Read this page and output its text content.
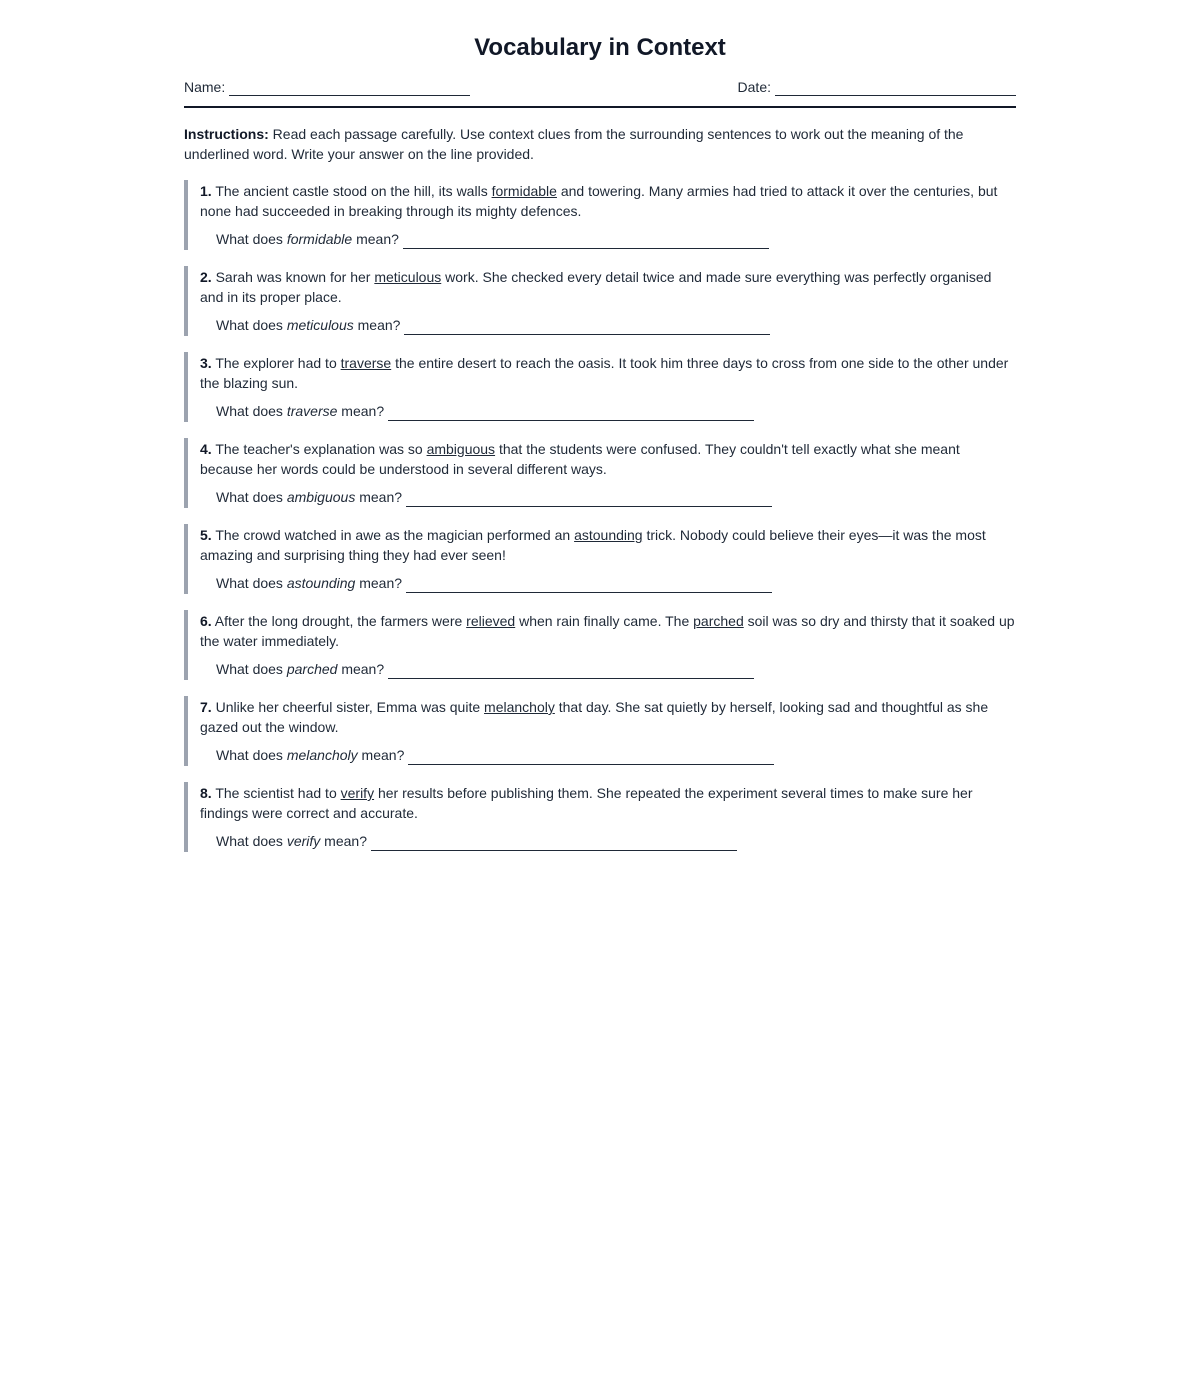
Vocabulary in Context
Name:	Date:

Instructions: Read each passage carefully. Use context clues from the surrounding sentences to work out the meaning of the underlined word. Write your answer on the line provided.

1. The ancient castle stood on the hill, its walls formidable and towering. Many armies had tried to attack it over the centuries, but none had succeeded in breaking through its mighty defences.

What does
formidable
mean?

2. Sarah was known for her meticulous work. She checked every detail twice and made sure everything was perfectly organised and in its proper place.

What does
meticulous
mean?

3. The explorer had to traverse the entire desert to reach the oasis. It took him three days to cross from one side to the other under the blazing sun.

What does
traverse
mean?

4. The teacher's explanation was so ambiguous that the students were confused. They couldn't tell exactly what she meant because her words could be understood in several different ways.

What does
ambiguous
mean?

5. The crowd watched in awe as the magician performed an astounding trick. Nobody could believe their eyes—it was the most amazing and surprising thing they had ever seen!

What does
astounding
mean?

6. After the long drought, the farmers were relieved when rain finally came. The parched soil was so dry and thirsty that it soaked up the water immediately.

What does
parched
mean?

7. Unlike her cheerful sister, Emma was quite melancholy that day. She sat quietly by herself, looking sad and thoughtful as she gazed out the window.

What does
melancholy
mean?

8. The scientist had to verify her results before publishing them. She repeated the experiment several times to make sure her findings were correct and accurate.

What does
verify
mean?
